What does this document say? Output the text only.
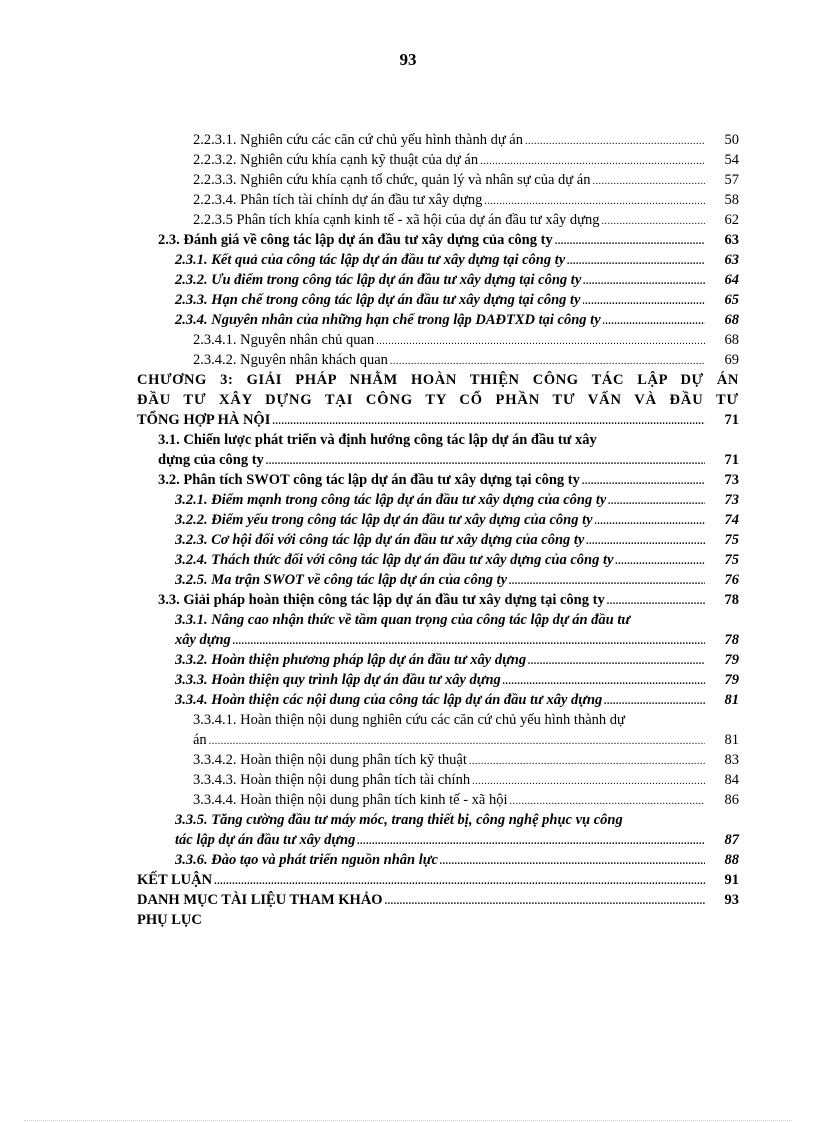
93
2.2.3.1. Nghiên cứu các căn cứ chủ yếu hình thành dự án .....	50
2.2.3.2. Nghiên cứu khía cạnh kỹ thuật của dự án .....	54
2.2.3.3. Nghiên cứu khía cạnh tổ chức, quản lý và nhân sự của dự án .....	57
2.2.3.4. Phân tích tài chính dự án đầu tư xây dựng .....	58
2.2.3.5 Phân tích khía cạnh kinh tế - xã hội của dự án đầu tư xây dựng .....	62
2.3. Đánh giá về công tác lập dự án đầu tư xây dựng của công ty .....	63
2.3.1. Kết quả của công tác lập dự án đầu tư xây dựng tại công ty .....	63
2.3.2. Ưu điểm trong công tác lập dự án đầu tư xây dựng tại công ty .....	64
2.3.3. Hạn chế trong công tác lập dự án đầu tư xây dựng tại công ty .....	65
2.3.4. Nguyên nhân của những hạn chế trong lập DAĐTXD tại công ty .....	68
2.3.4.1. Nguyên nhân chủ quan .....	68
2.3.4.2. Nguyên nhân khách quan .....	69
CHƯƠNG 3: GIẢI PHÁP NHẰM HOÀN THIỆN CÔNG TÁC LẬP DỰ ÁN
ĐẦU TƯ XÂY DỰNG TẠI CÔNG TY CỔ PHẦN TƯ VẤN VÀ ĐẦU TƯ
TỔNG HỢP HÀ NỘI .....	71
3.1. Chiến lược phát triển và định hướng công tác lập dự án đầu tư xây
dựng của công ty .....	71
3.2. Phân tích SWOT công tác lập dự án đầu tư xây dựng tại công ty .....	73
3.2.1. Điểm mạnh trong công tác lập dự án đầu tư xây dựng của công ty .....	73
3.2.2. Điểm yếu trong công tác lập dự án đầu tư xây dựng của công ty .....	74
3.2.3. Cơ hội đối với công tác lập dự án đầu tư xây dựng của công ty .....	75
3.2.4. Thách thức đối với công tác lập dự án đầu tư xây dựng của công ty .....	75
3.2.5. Ma trận SWOT về công tác lập dự án của công ty .....	76
3.3. Giải pháp hoàn thiện công tác lập dự án đầu tư xây dựng tại công ty .....	78
3.3.1. Nâng cao nhận thức về tầm quan trọng của công tác lập dự án đầu tư
xây dựng .....	78
3.3.2. Hoàn thiện phương pháp lập dự án đầu tư xây dựng .....	79
3.3.3. Hoàn thiện quy trình lập dự án đầu tư xây dựng .....	79
3.3.4. Hoàn thiện các nội dung của công tác lập dự án đầu tư xây dựng .....	81
3.3.4.1. Hoàn thiện nội dung nghiên cứu các căn cứ chủ yếu hình thành dự
án .....	81
3.3.4.2. Hoàn thiện nội dung phân tích kỹ thuật .....	83
3.3.4.3. Hoàn thiện nội dung phân tích tài chính .....	84
3.3.4.4. Hoàn thiện nội dung phân tích kinh tế - xã hội .....	86
3.3.5. Tăng cường đầu tư máy móc, trang thiết bị, công nghệ phục vụ công
tác lập dự án đầu tư xây dựng .....	87
3.3.6. Đào tạo và phát triển nguồn nhân lực .....	88
KẾT LUẬN .....	91
DANH MỤC TÀI LIỆU THAM KHẢO .....	93
PHỤ LỤC
